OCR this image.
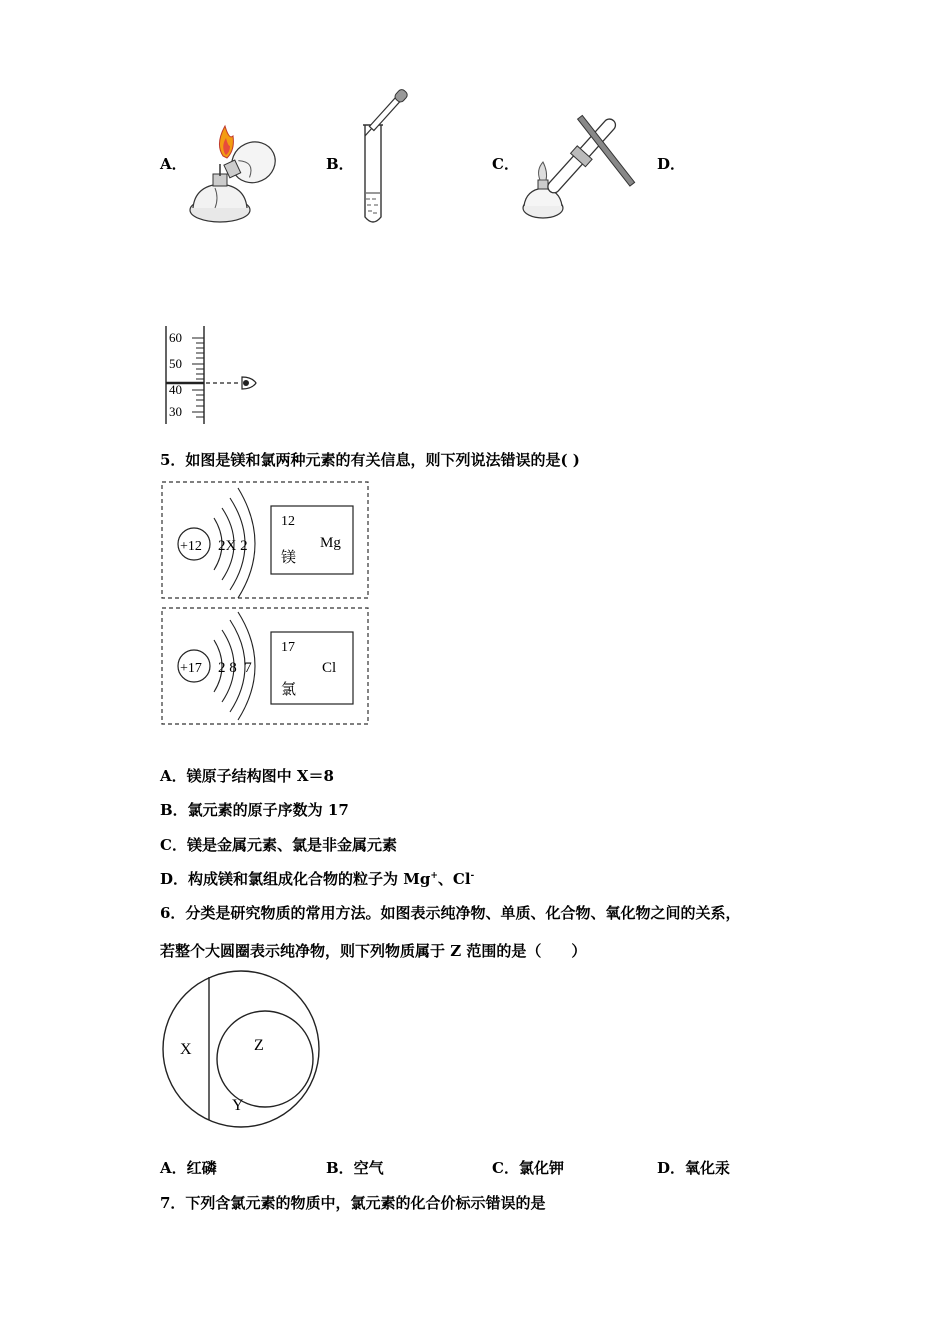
A．	B．	C．	D．
60
50
40
30
5．如图是镁和氯两种元素的有关信息，则下列说法错误的是( )
+12 2X 2
12
Mg
镁
+17 2 8  7
17
Cl
氯
A．镁原子结构图中 X＝8
B．氯元素的原子序数为 17
C．镁是金属元素、氯是非金属元素
D．构成镁和氯组成化合物的粒子为 Mg+、Cl-
6．分类是研究物质的常用方法。如图表示纯净物、单质、化合物、氧化物之间的关系，
若整个大圆圈表示纯净物，则下列物质属于 Z 范围的是（　　）
X	Z
Y
A．红磷	B．空气	C．氯化钾	D．氧化汞
7．下列含氯元素的物质中，氯元素的化合价标示错误的是
